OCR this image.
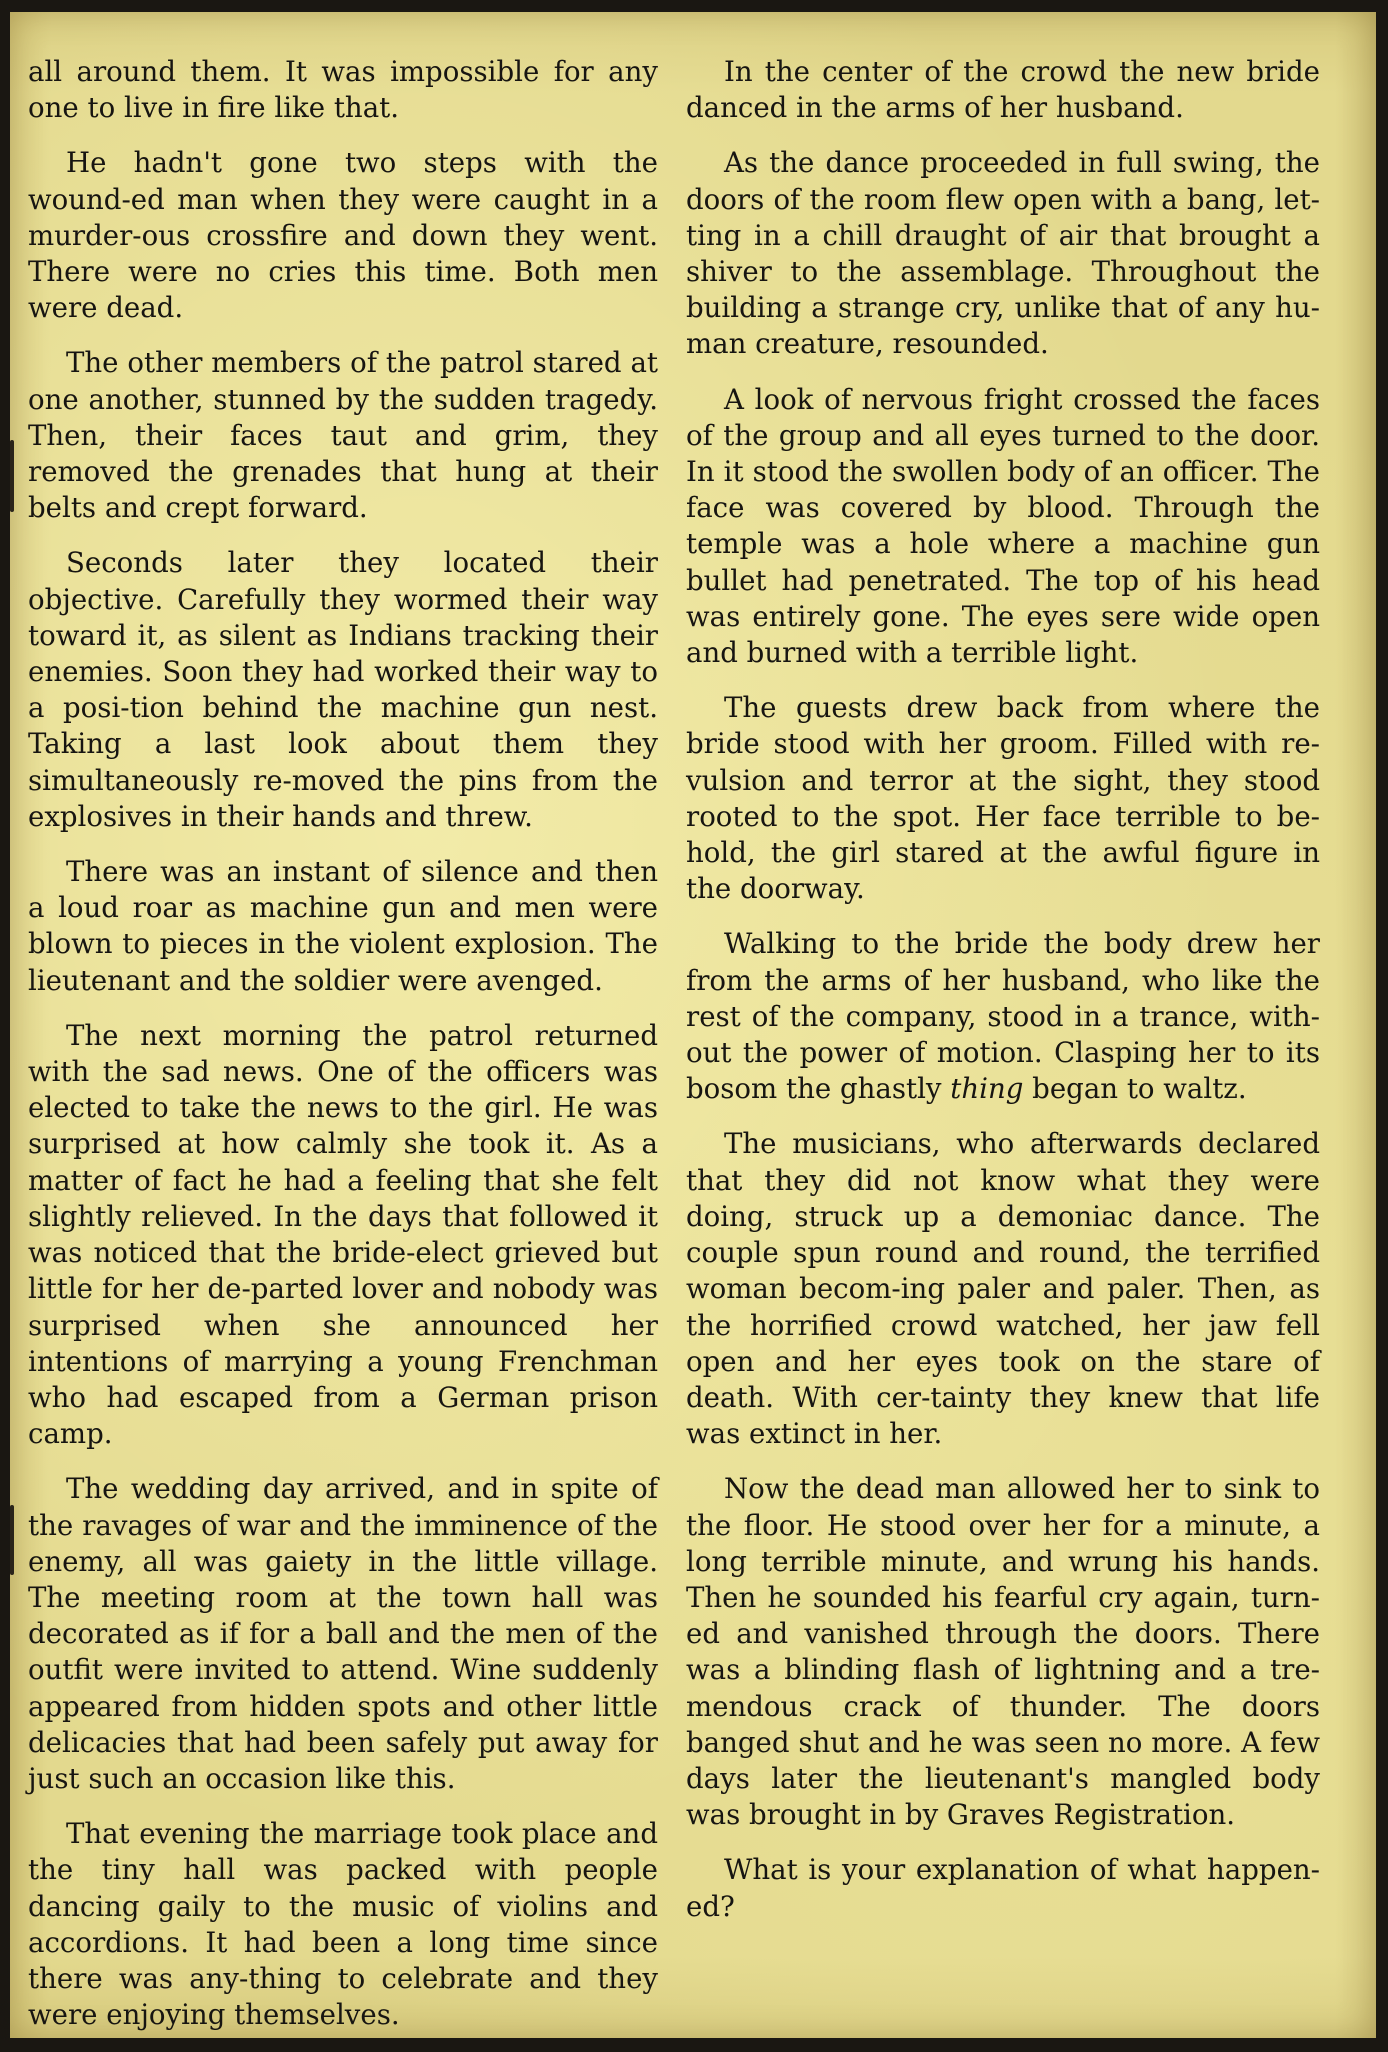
all around them. It was impossible for any one to live in fire like that.

He hadn't gone two steps with the wound-ed man when they were caught in a murder-ous crossfire and down they went. There were no cries this time. Both men were dead.

The other members of the patrol stared at one another, stunned by the sudden tragedy. Then, their faces taut and grim, they removed the grenades that hung at their belts and crept forward.

Seconds later they located their objective. Carefully they wormed their way toward it, as silent as Indians tracking their enemies. Soon they had worked their way to a posi-tion behind the machine gun nest. Taking a last look about them they simultaneously re-moved the pins from the explosives in their hands and threw.

There was an instant of silence and then a loud roar as machine gun and men were blown to pieces in the violent explosion. The lieutenant and the soldier were avenged.

The next morning the patrol returned with the sad news. One of the officers was elected to take the news to the girl. He was surprised at how calmly she took it. As a matter of fact he had a feeling that she felt slightly relieved. In the days that followed it was noticed that the bride-elect grieved but little for her de-parted lover and nobody was surprised when she announced her intentions of marrying a young Frenchman who had escaped from a German prison camp.

The wedding day arrived, and in spite of the ravages of war and the imminence of the enemy, all was gaiety in the little village. The meeting room at the town hall was decorated as if for a ball and the men of the outfit were invited to attend. Wine suddenly appeared from hidden spots and other little delicacies that had been safely put away for just such an occasion like this.

That evening the marriage took place and the tiny hall was packed with people dancing gaily to the music of violins and accordions. It had been a long time since there was any-thing to celebrate and they were enjoying themselves.

In the center of the crowd the new bride danced in the arms of her husband.

As the dance proceeded in full swing, the doors of the room flew open with a bang, let-ting in a chill draught of air that brought a shiver to the assemblage. Throughout the building a strange cry, unlike that of any hu-man creature, resounded.

A look of nervous fright crossed the faces of the group and all eyes turned to the door. In it stood the swollen body of an officer. The face was covered by blood. Through the temple was a hole where a machine gun bullet had penetrated. The top of his head was entirely gone. The eyes sere wide open and burned with a terrible light.

The guests drew back from where the bride stood with her groom. Filled with re-vulsion and terror at the sight, they stood rooted to the spot. Her face terrible to be-hold, the girl stared at the awful figure in the doorway.

Walking to the bride the body drew her from the arms of her husband, who like the rest of the company, stood in a trance, with-out the power of motion. Clasping her to its bosom the ghastly thing began to waltz.

The musicians, who afterwards declared that they did not know what they were doing, struck up a demoniac dance. The couple spun round and round, the terrified woman becom-ing paler and paler. Then, as the horrified crowd watched, her jaw fell open and her eyes took on the stare of death. With cer-tainty they knew that life was extinct in her.

Now the dead man allowed her to sink to the floor. He stood over her for a minute, a long terrible minute, and wrung his hands. Then he sounded his fearful cry again, turn-ed and vanished through the doors. There was a blinding flash of lightning and a tre-mendous crack of thunder. The doors banged shut and he was seen no more. A few days later the lieutenant's mangled body was brought in by Graves Registration.

What is your explanation of what happen-ed?
